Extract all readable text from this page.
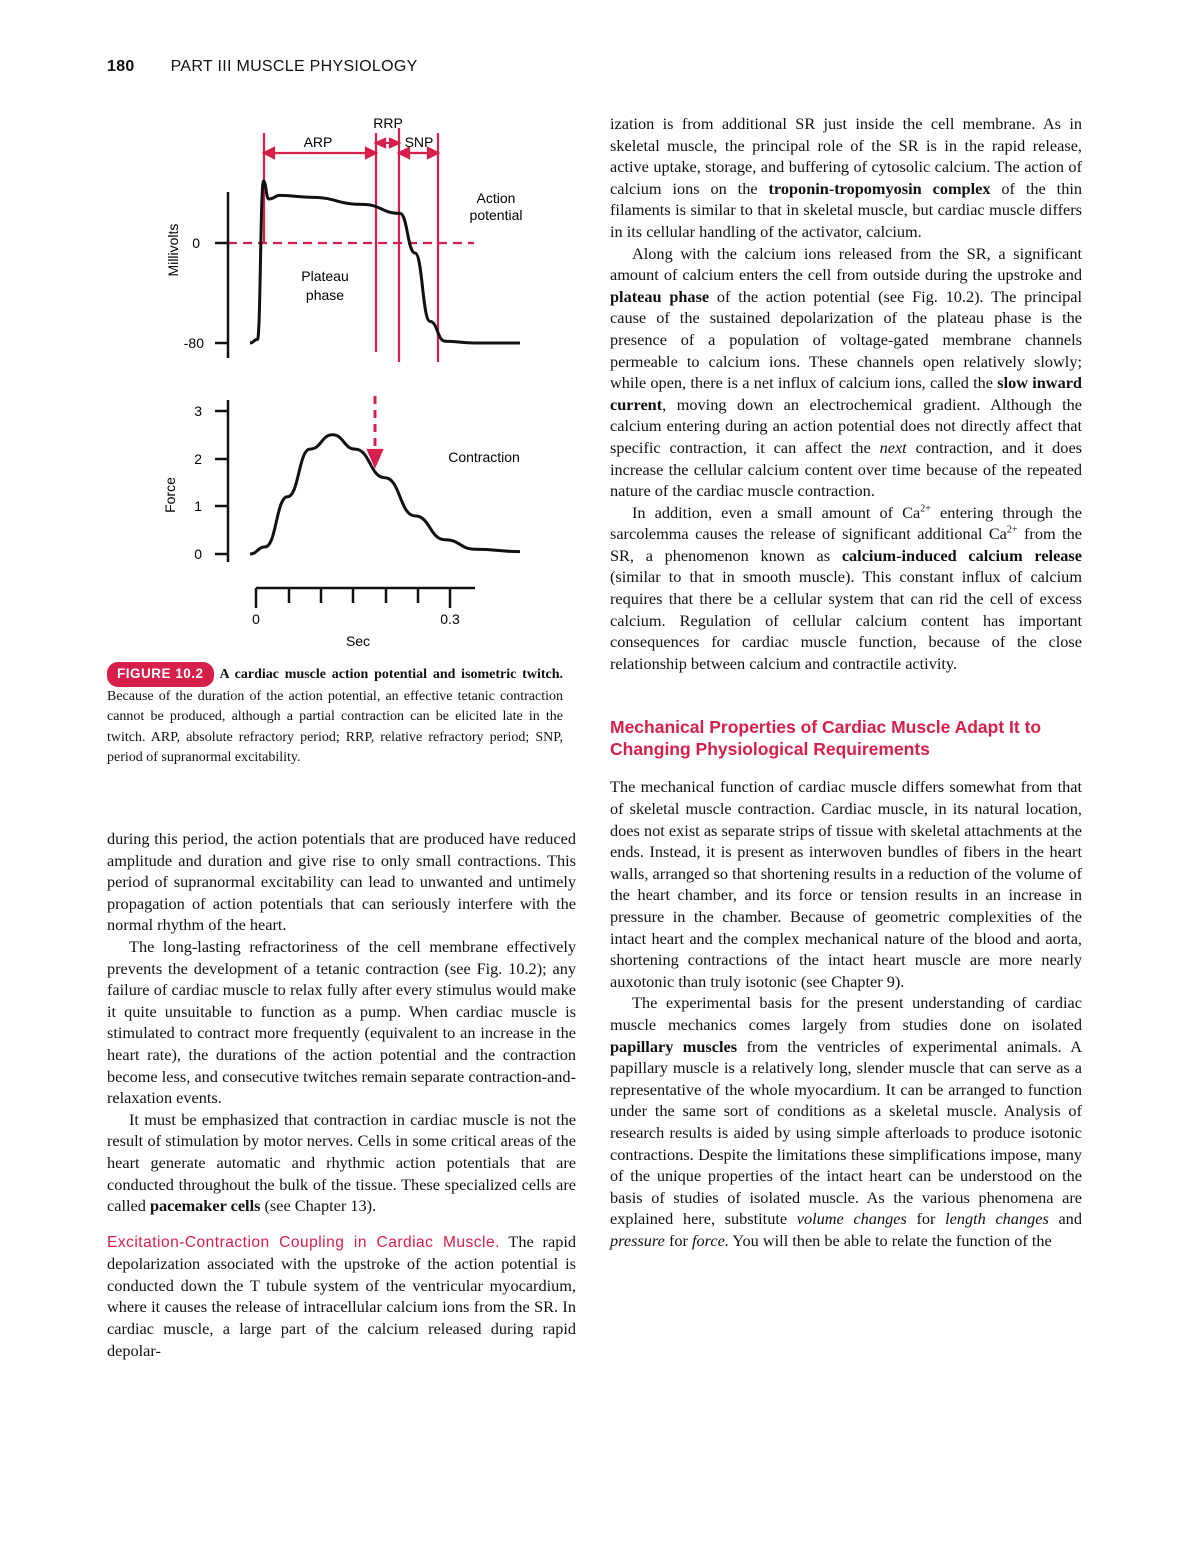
180 PART III MUSCLE PHYSIOLOGY
RRP
ARP	SNP
Action
potential
Plateau
phase
Millivolts 0
-80
Force
3
2
1
0
Contraction
0	0.3
Sec
FIGURE 10.2 A cardiac muscle action potential and isometric twitch. Because of the duration of the action potential, an effective tetanic contraction cannot be produced, although a partial contraction can be elicited late in the twitch. ARP, absolute refractory period; RRP, relative refractory period; SNP, period of supranormal excitability.

during this period, the action potentials that are produced have reduced amplitude and duration and give rise to only small contractions. This period of supranormal excitability can lead to unwanted and untimely propagation of action potentials that can seriously interfere with the normal rhythm of the heart.

The long-lasting refractoriness of the cell membrane effectively prevents the development of a tetanic contraction (see Fig. 10.2); any failure of cardiac muscle to relax fully after every stimulus would make it quite unsuitable to function as a pump. When cardiac muscle is stimulated to contract more frequently (equivalent to an increase in the heart rate), the durations of the action potential and the contraction become less, and consecutive twitches remain separate contraction-and-relaxation events.

It must be emphasized that contraction in cardiac muscle is not the result of stimulation by motor nerves. Cells in some critical areas of the heart generate automatic and rhythmic action potentials that are conducted throughout the bulk of the tissue. These specialized cells are called pacemaker cells (see Chapter 13).

Excitation-Contraction Coupling in Cardiac Muscle. The rapid depolarization associated with the upstroke of the action potential is conducted down the T tubule system of the ventricular myocardium, where it causes the release of intracellular calcium ions from the SR. In cardiac muscle, a large part of the calcium released during rapid depolar-

ization is from additional SR just inside the cell membrane. As in skeletal muscle, the principal role of the SR is in the rapid release, active uptake, storage, and buffering of cytosolic calcium. The action of calcium ions on the troponin-tropomyosin complex of the thin filaments is similar to that in skeletal muscle, but cardiac muscle differs in its cellular handling of the activator, calcium.

Along with the calcium ions released from the SR, a significant amount of calcium enters the cell from outside during the upstroke and plateau phase of the action potential (see Fig. 10.2). The principal cause of the sustained depolarization of the plateau phase is the presence of a population of voltage-gated membrane channels permeable to calcium ions. These channels open relatively slowly; while open, there is a net influx of calcium ions, called the slow inward current, moving down an electrochemical gradient. Although the calcium entering during an action potential does not directly affect that specific contraction, it can affect the next contraction, and it does increase the cellular calcium content over time because of the repeated nature of the cardiac muscle contraction.

In addition, even a small amount of $Ca^{2+}$ entering through the sarcolemma causes the release of significant additional $Ca^{2+}$ from the SR, a phenomenon known as calcium-induced calcium release (similar to that in smooth muscle). This constant influx of calcium requires that there be a cellular system that can rid the cell of excess calcium. Regulation of cellular calcium content has important consequences for cardiac muscle function, because of the close relationship between calcium and contractile activity.

Mechanical Properties of Cardiac Muscle Adapt It to Changing Physiological Requirements

The mechanical function of cardiac muscle differs somewhat from that of skeletal muscle contraction. Cardiac muscle, in its natural location, does not exist as separate strips of tissue with skeletal attachments at the ends. Instead, it is present as interwoven bundles of fibers in the heart walls, arranged so that shortening results in a reduction of the volume of the heart chamber, and its force or tension results in an increase in pressure in the chamber. Because of geometric complexities of the intact heart and the complex mechanical nature of the blood and aorta, shortening contractions of the intact heart muscle are more nearly auxotonic than truly isotonic (see Chapter 9).

The experimental basis for the present understanding of cardiac muscle mechanics comes largely from studies done on isolated papillary muscles from the ventricles of experimental animals. A papillary muscle is a relatively long, slender muscle that can serve as a representative of the whole myocardium. It can be arranged to function under the same sort of conditions as a skeletal muscle. Analysis of research results is aided by using simple afterloads to produce isotonic contractions. Despite the limitations these simplifications impose, many of the unique properties of the intact heart can be understood on the basis of studies of isolated muscle. As the various phenomena are explained here, substitute volume changes for length changes and pressure for force. You will then be able to relate the function of the
